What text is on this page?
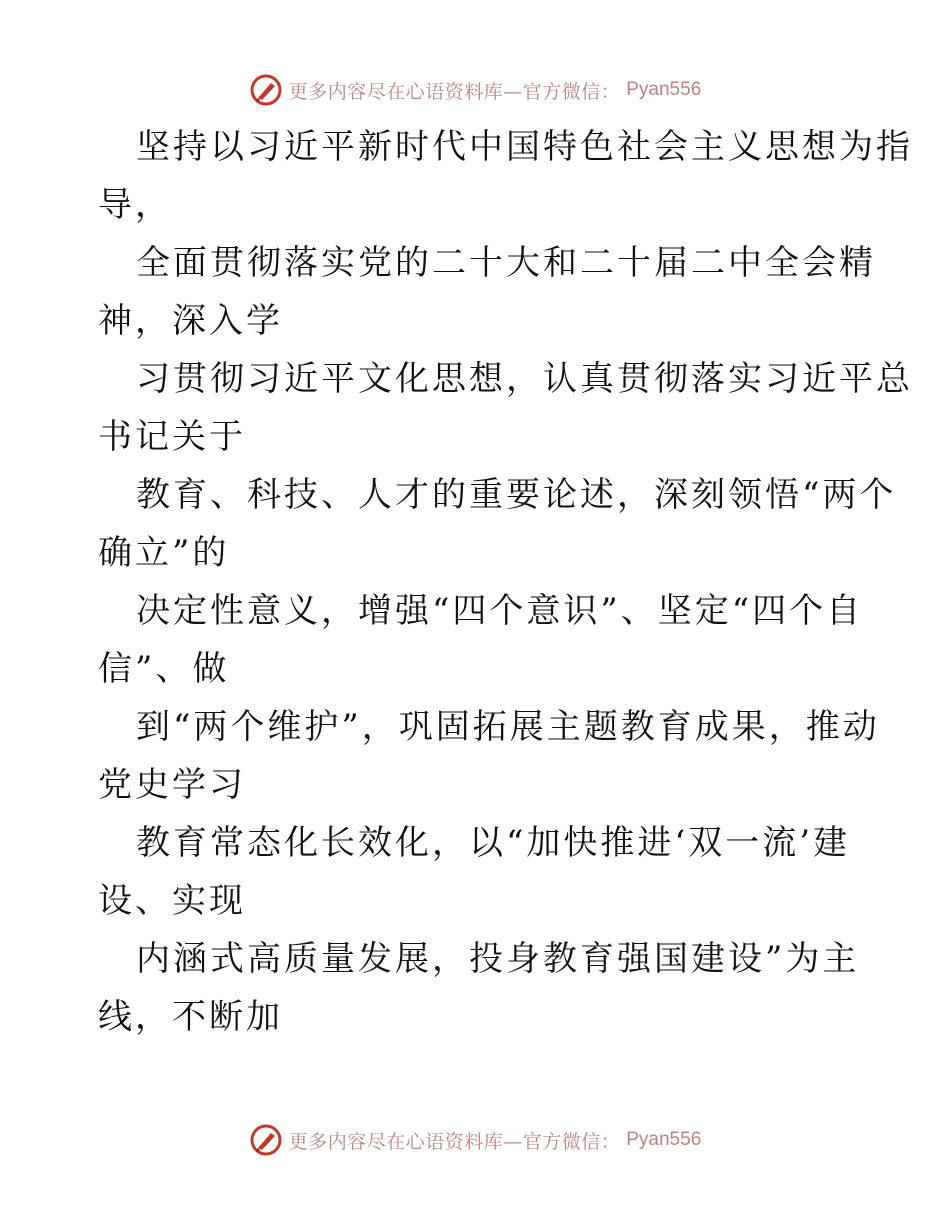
更多内容尽在心语资料库—官方微信： Pyan556

坚持以习近平新时代中国特色社会主义思想为指
导，

全面贯彻落实党的二十大和二十届二中全会精
神，深入学

习贯彻习近平文化思想，认真贯彻落实习近平总
书记关于

教育、科技、人才的重要论述，深刻领悟“两个
确立”的

决定性意义，增强“四个意识”、坚定“四个自
信”、做

到“两个维护”，巩固拓展主题教育成果，推动
党史学习

教育常态化长效化，以“加快推进‘双一流’建
设、实现

内涵式高质量发展，投身教育强国建设”为主
线，不断加

更多内容尽在心语资料库—官方微信： Pyan556
